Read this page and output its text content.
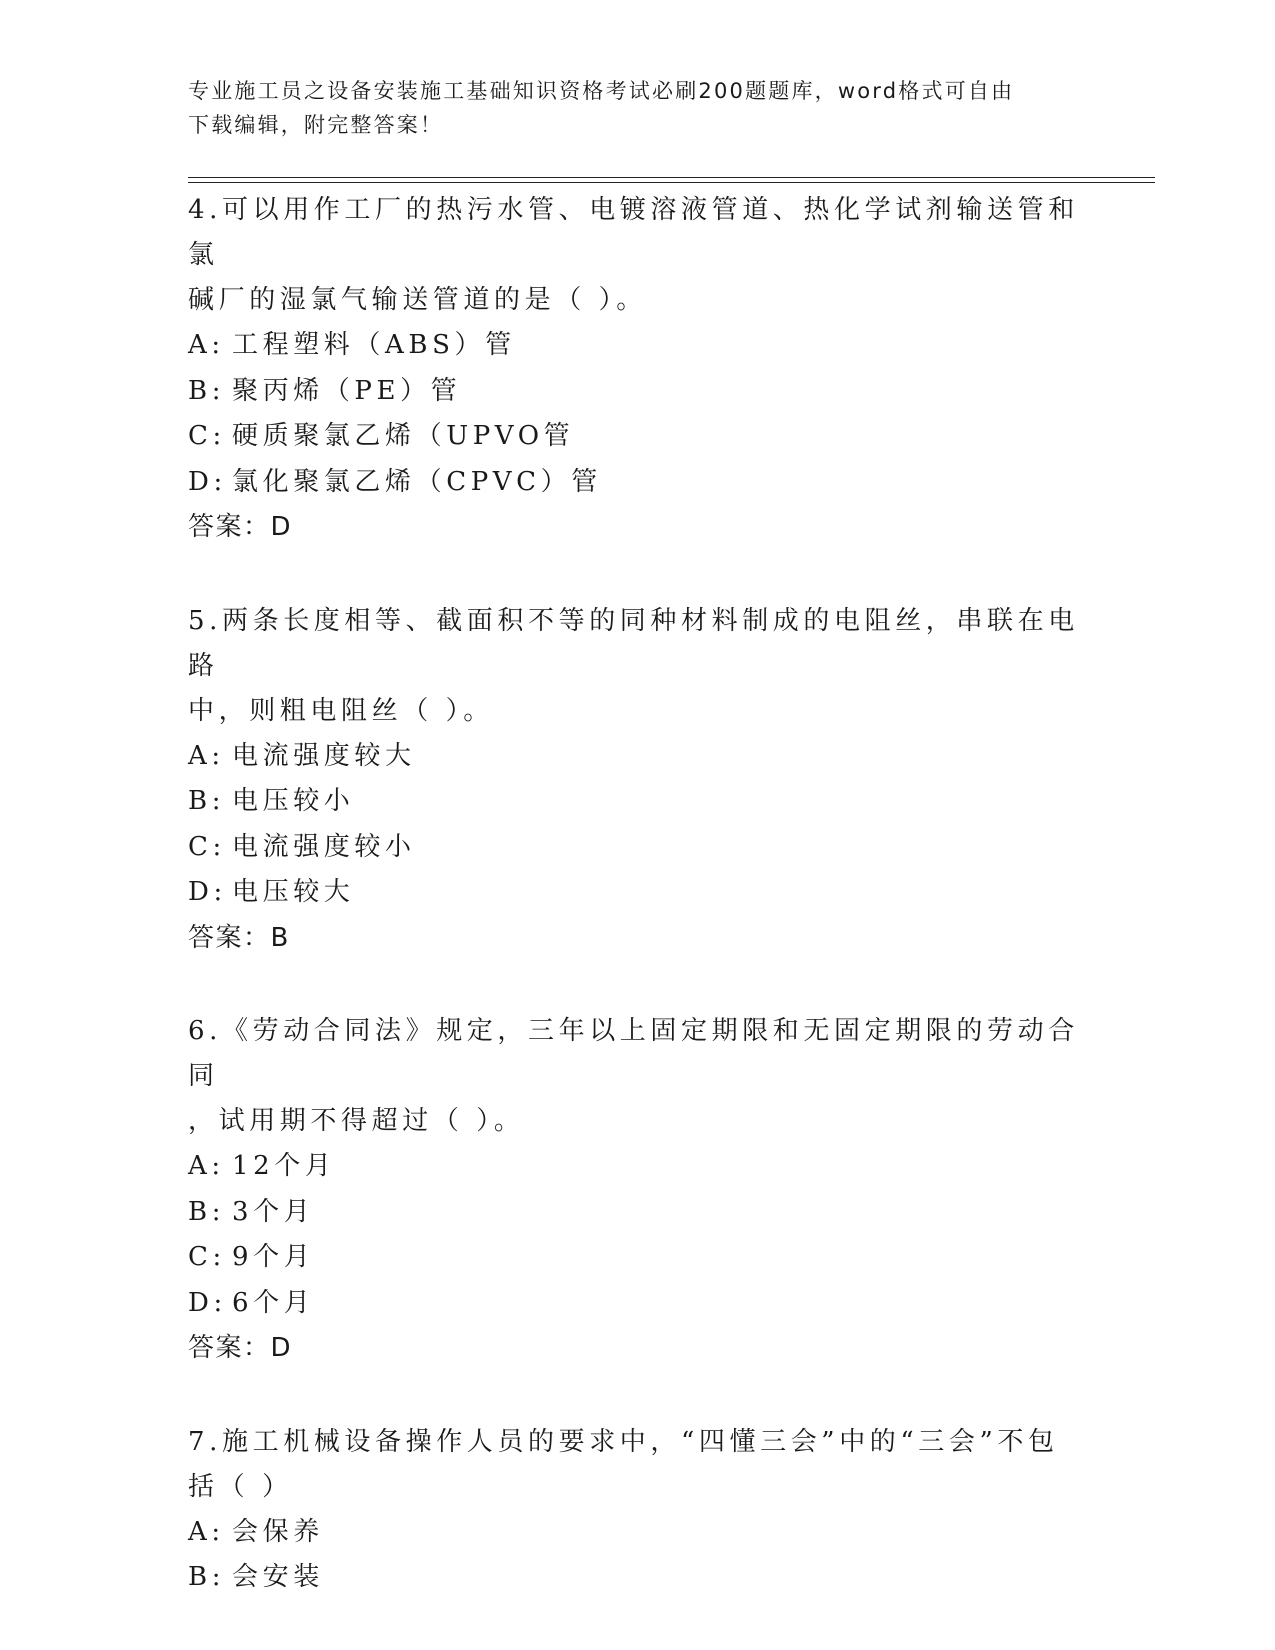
专业施工员之设备安装施工基础知识资格考试必刷200题题库，word格式可自由
下载编辑，附完整答案！

4.可以用作工厂的热污水管、电镀溶液管道、热化学试剂输送管和氯

碱厂的湿氯气输送管道的是（ ）。

A: 工程塑料（ABS）管
B: 聚丙烯（PE）管
C: 硬质聚氯乙烯（UPVO管
D: 氯化聚氯乙烯（CPVC）管

答案：D

5.两条长度相等、截面积不等的同种材料制成的电阻丝，串联在电路

中，则粗电阻丝（ ）。

A: 电流强度较大
B: 电压较小
C: 电流强度较小
D: 电压较大

答案：B

6.《劳动合同法》规定，三年以上固定期限和无固定期限的劳动合同

，试用期不得超过（ ）。

A: 12个月
B: 3个月
C: 9个月
D: 6个月

答案：D

7.施工机械设备操作人员的要求中，“四懂三会”中的“三会”不包

括（ ）

A: 会保养
B: 会安装
